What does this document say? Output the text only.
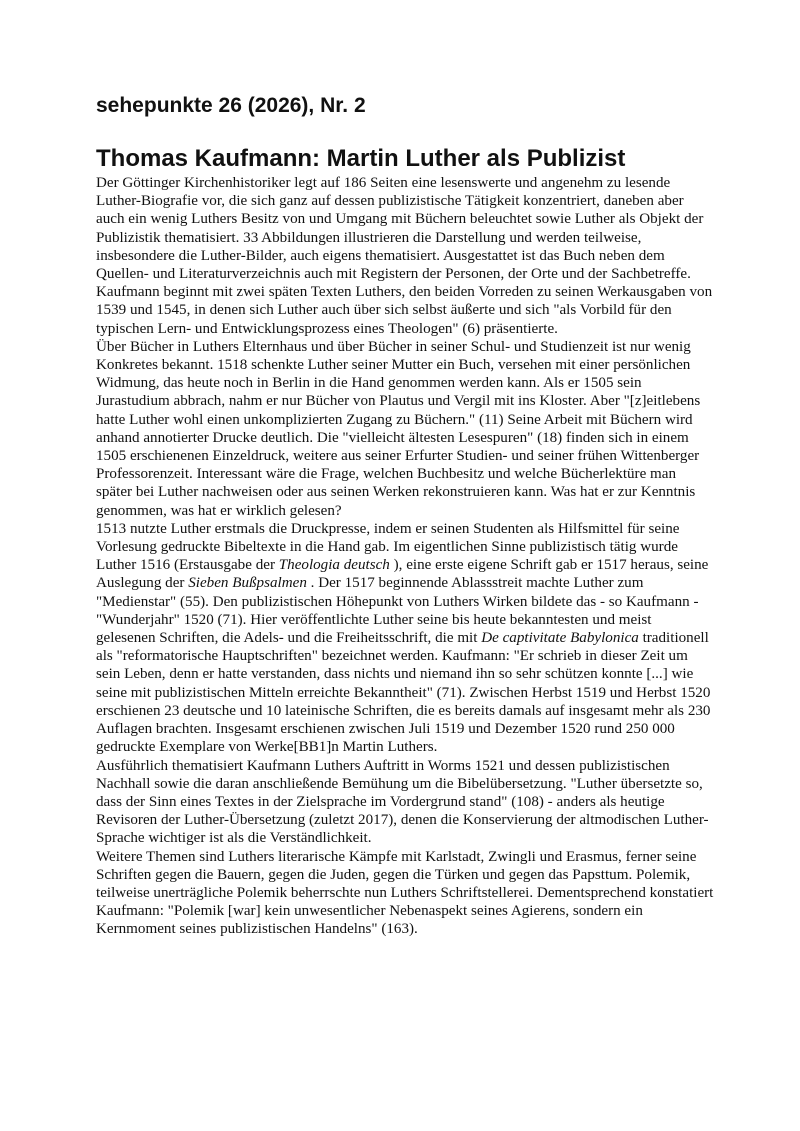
sehepunkte 26 (2026), Nr. 2
Thomas Kaufmann: Martin Luther als Publizist

Der Göttinger Kirchenhistoriker legt auf 186 Seiten eine lesenswerte und angenehm zu lesende Luther-Biografie vor, die sich ganz auf dessen publizistische Tätigkeit konzentriert, daneben aber auch ein wenig Luthers Besitz von und Umgang mit Büchern beleuchtet sowie Luther als Objekt der Publizistik thematisiert. 33 Abbildungen illustrieren die Darstellung und werden teilweise, insbesondere die Luther-Bilder, auch eigens thematisiert. Ausgestattet ist das Buch neben dem Quellen- und Literaturverzeichnis auch mit Registern der Personen, der Orte und der Sachbetreffe.

Kaufmann beginnt mit zwei späten Texten Luthers, den beiden Vorreden zu seinen Werkausgaben von 1539 und 1545, in denen sich Luther auch über sich selbst äußerte und sich "als Vorbild für den typischen Lern- und Entwicklungsprozess eines Theologen" (6) präsentierte.

Über Bücher in Luthers Elternhaus und über Bücher in seiner Schul- und Studienzeit ist nur wenig Konkretes bekannt. 1518 schenkte Luther seiner Mutter ein Buch, versehen mit einer persönlichen Widmung, das heute noch in Berlin in die Hand genommen werden kann. Als er 1505 sein Jurastudium abbrach, nahm er nur Bücher von Plautus und Vergil mit ins Kloster. Aber "[z]eitlebens hatte Luther wohl einen unkomplizierten Zugang zu Büchern." (11) Seine Arbeit mit Büchern wird anhand annotierter Drucke deutlich. Die "vielleicht ältesten Lesespuren" (18) finden sich in einem 1505 erschienenen Einzeldruck, weitere aus seiner Erfurter Studien- und seiner frühen Wittenberger Professorenzeit. Interessant wäre die Frage, welchen Buchbesitz und welche Bücherlektüre man später bei Luther nachweisen oder aus seinen Werken rekonstruieren kann. Was hat er zur Kenntnis genommen, was hat er wirklich gelesen?

1513 nutzte Luther erstmals die Druckpresse, indem er seinen Studenten als Hilfsmittel für seine Vorlesung gedruckte Bibeltexte in die Hand gab. Im eigentlichen Sinne publizistisch tätig wurde Luther 1516 (Erstausgabe der Theologia deutsch ), eine erste eigene Schrift gab er 1517 heraus, seine Auslegung der Sieben Bußpsalmen . Der 1517 beginnende Ablassstreit machte Luther zum "Medienstar" (55). Den publizistischen Höhepunkt von Luthers Wirken bildete das - so Kaufmann - "Wunderjahr" 1520 (71). Hier veröffentlichte Luther seine bis heute bekanntesten und meist gelesenen Schriften, die Adels- und die Freiheitsschrift, die mit De captivitate Babylonica traditionell als "reformatorische Hauptschriften" bezeichnet werden. Kaufmann: "Er schrieb in dieser Zeit um sein Leben, denn er hatte verstanden, dass nichts und niemand ihn so sehr schützen konnte [...] wie seine mit publizistischen Mitteln erreichte Bekanntheit" (71). Zwischen Herbst 1519 und Herbst 1520 erschienen 23 deutsche und 10 lateinische Schriften, die es bereits damals auf insgesamt mehr als 230 Auflagen brachten. Insgesamt erschienen zwischen Juli 1519 und Dezember 1520 rund 250 000 gedruckte Exemplare von Werke[BB1]n Martin Luthers.

Ausführlich thematisiert Kaufmann Luthers Auftritt in Worms 1521 und dessen publizistischen Nachhall sowie die daran anschließende Bemühung um die Bibelübersetzung. "Luther übersetzte so, dass der Sinn eines Textes in der Zielsprache im Vordergrund stand" (108) - anders als heutige Revisoren der Luther-Übersetzung (zuletzt 2017), denen die Konservierung der altmodischen Luther-Sprache wichtiger ist als die Verständlichkeit.

Weitere Themen sind Luthers literarische Kämpfe mit Karlstadt, Zwingli und Erasmus, ferner seine Schriften gegen die Bauern, gegen die Juden, gegen die Türken und gegen das Papsttum. Polemik, teilweise unerträgliche Polemik beherrschte nun Luthers Schriftstellerei. Dementsprechend konstatiert Kaufmann: "Polemik [war] kein unwesentlicher Nebenaspekt seines Agierens, sondern ein Kernmoment seines publizistischen Handelns" (163).
